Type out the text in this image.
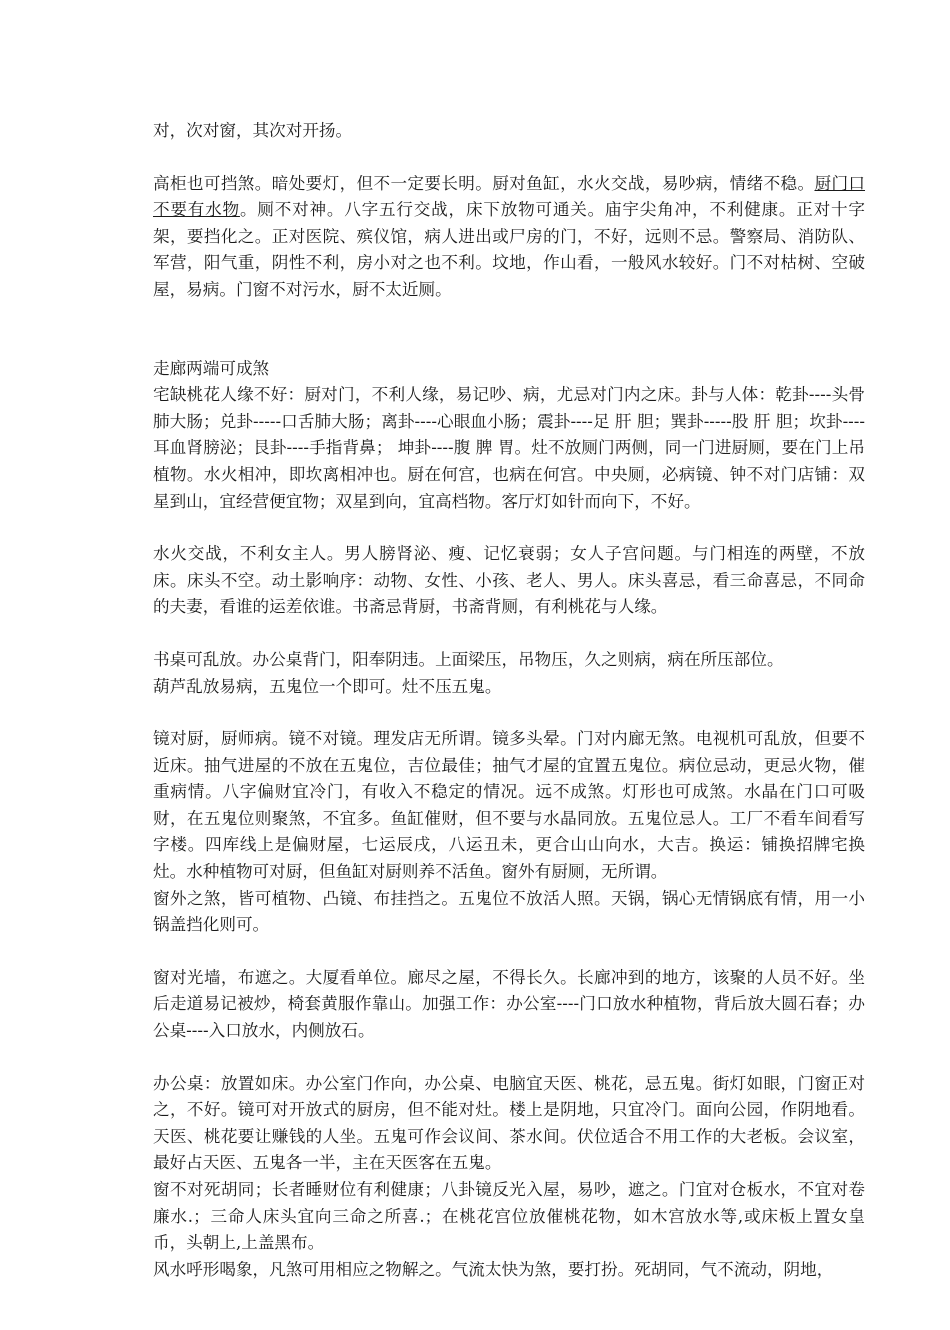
对，次对窗，其次对开扬。

高柜也可挡煞。暗处要灯，但不一定要长明。厨对鱼缸，水火交战，易吵病，情绪不稳。厨门口不要有水物。厕不对神。八字五行交战，床下放物可通关。庙宇尖角冲，不利健康。正对十字架，要挡化之。正对医院、殡仪馆，病人进出或尸房的门，不好，远则不忌。警察局、消防队、军营，阳气重，阴性不利，房小对之也不利。坟地，作山看，一般风水较好。门不对枯树、空破屋，易病。门窗不对污水，厨不太近厕。

走廊两端可成煞

宅缺桃花人缘不好：厨对门，不利人缘，易记吵、病，尤忌对门内之床。卦与人体：乾卦----头骨肺大肠；兑卦-----口舌肺大肠；离卦----心眼血小肠；震卦----足 肝 胆；巽卦-----股 肝 胆；坎卦----耳血肾膀泌；艮卦----手指背鼻； 坤卦----腹 脾 胃。灶不放厕门两侧，同一门进厨厕，要在门上吊植物。水火相冲，即坎离相冲也。厨在何宫，也病在何宫。中央厕，必病镜、钟不对门店铺：双星到山，宜经营便宜物；双星到向，宜高档物。客厅灯如针而向下，不好。

水火交战，不利女主人。男人膀肾泌、瘦、记忆衰弱；女人子宫问题。与门相连的两壁，不放床。床头不空。动土影响序：动物、女性、小孩、老人、男人。床头喜忌，看三命喜忌，不同命的夫妻，看谁的运差依谁。书斋忌背厨，书斋背厕，有利桃花与人缘。

书桌可乱放。办公桌背门，阳奉阴违。上面梁压，吊物压，久之则病，病在所压部位。

葫芦乱放易病，五鬼位一个即可。灶不压五鬼。

镜对厨，厨师病。镜不对镜。理发店无所谓。镜多头晕。门对内廊无煞。电视机可乱放，但要不近床。抽气进屋的不放在五鬼位，吉位最佳；抽气才屋的宜置五鬼位。病位忌动，更忌火物，催重病情。八字偏财宜冷门，有收入不稳定的情况。远不成煞。灯形也可成煞。水晶在门口可吸财，在五鬼位则聚煞，不宜多。鱼缸催财，但不要与水晶同放。五鬼位忌人。工厂不看车间看写字楼。四库线上是偏财屋，七运辰戌，八运丑未，更合山山向水，大吉。换运：铺换招牌宅换灶。水种植物可对厨，但鱼缸对厨则养不活鱼。窗外有厨厕，无所谓。

窗外之煞，皆可植物、凸镜、布挂挡之。五鬼位不放活人照。天锅，锅心无情锅底有情，用一小锅盖挡化则可。

窗对光墙，布遮之。大厦看单位。廊尽之屋，不得长久。长廊冲到的地方，该聚的人员不好。坐后走道易记被炒，椅套黄服作靠山。加强工作：办公室----门口放水种植物，背后放大圆石春；办公桌----入口放水，内侧放石。

办公桌：放置如床。办公室门作向，办公桌、电脑宜天医、桃花，忌五鬼。街灯如眼，门窗正对之，不好。镜可对开放式的厨房，但不能对灶。楼上是阴地，只宜冷门。面向公园，作阴地看。天医、桃花要让赚钱的人坐。五鬼可作会议间、茶水间。伏位适合不用工作的大老板。会议室，最好占天医、五鬼各一半，主在天医客在五鬼。

窗不对死胡同；长者睡财位有利健康；八卦镜反光入屋，易吵，遮之。门宜对仓板水，不宜对卷廉水.；三命人床头宜向三命之所喜.；在桃花宫位放催桃花物，如木宫放水等,或床板上置女皇币，头朝上,上盖黑布。

风水呼形喝象，凡煞可用相应之物解之。气流太快为煞，要打扮。死胡同，气不流动，阴地，
